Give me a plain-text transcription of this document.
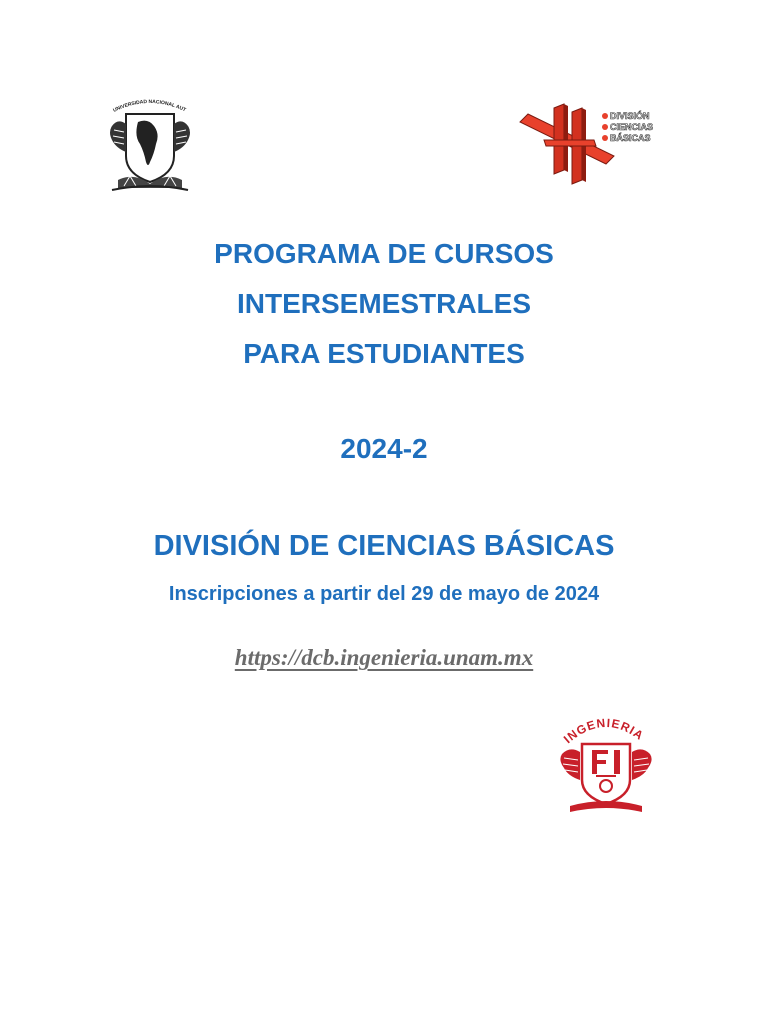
UNIVERSIDAD NACIONAL AUT
DIVISIÓN
CIENCIAS
BÁSICAS
PROGRAMA DE CURSOS
INTERSEMESTRALES
PARA ESTUDIANTES
2024-2
DIVISIÓN DE CIENCIAS BÁSICAS
Inscripciones a partir del 29 de mayo de 2024
https://dcb.ingenieria.unam.mx
INGENIERIA
